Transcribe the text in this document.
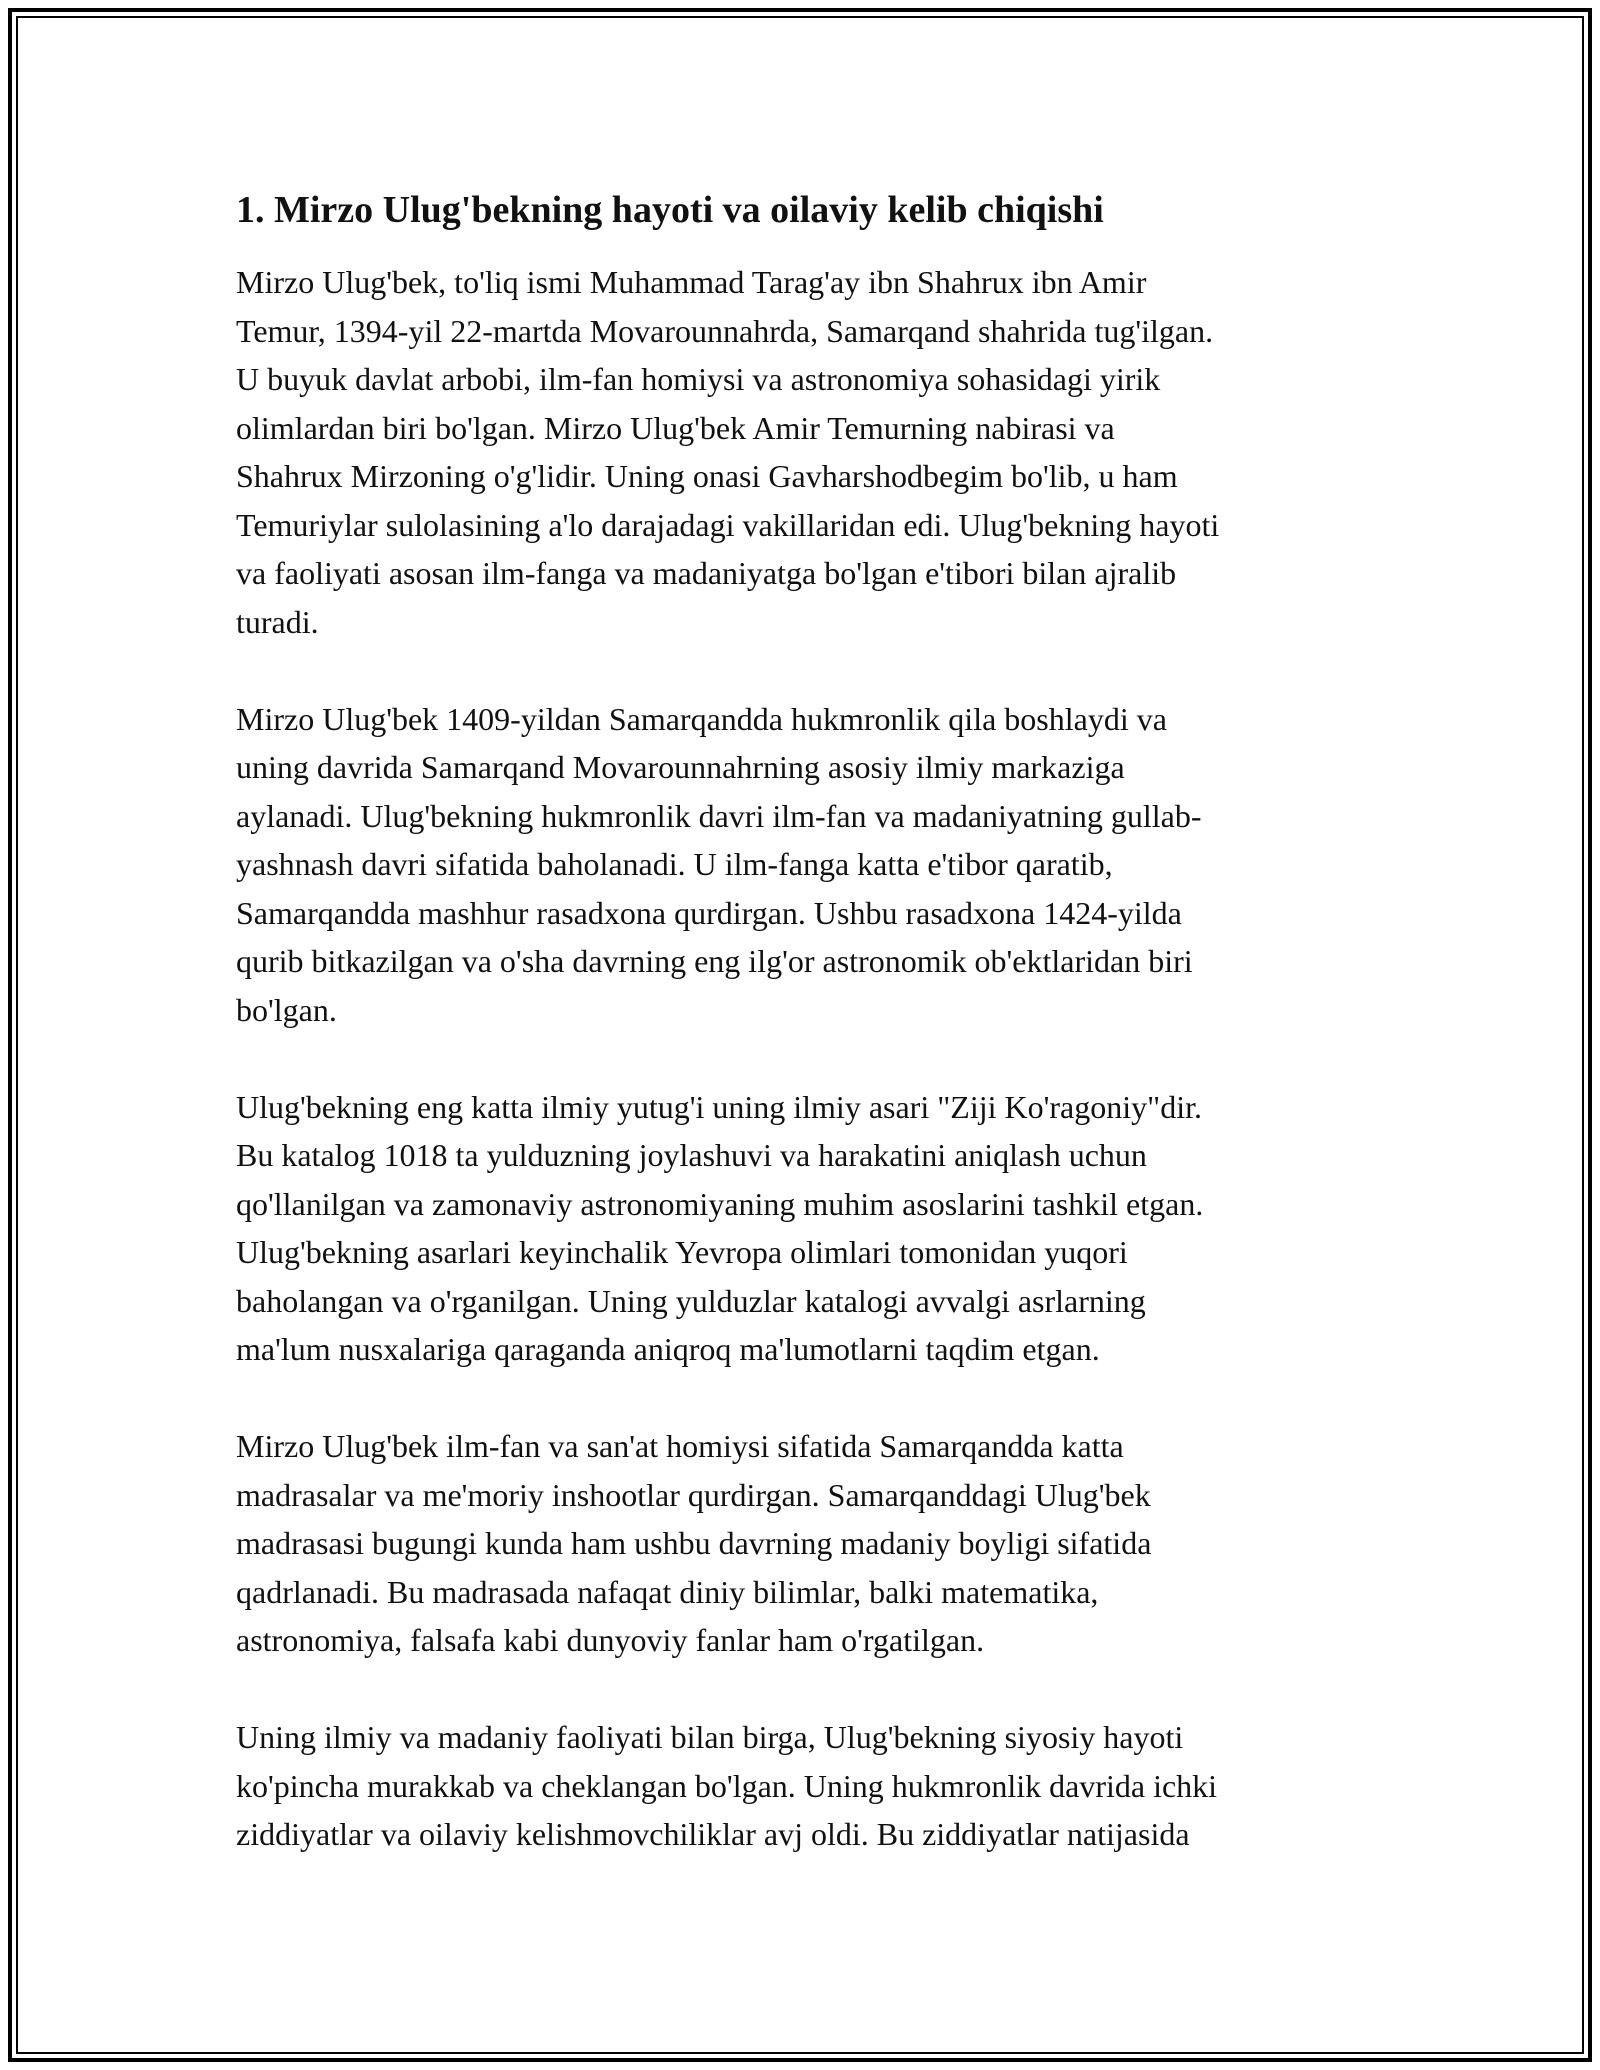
1. Mirzo Ulug'bekning hayoti va oilaviy kelib chiqishi

Mirzo Ulug'bek, to'liq ismi Muhammad Tarag'ay ibn Shahrux ibn Amir
Temur, 1394-yil 22-martda Movarounnahrda, Samarqand shahrida tug'ilgan.
U buyuk davlat arbobi, ilm-fan homiysi va astronomiya sohasidagi yirik
olimlardan biri bo'lgan. Mirzo Ulug'bek Amir Temurning nabirasi va
Shahrux Mirzoning o'g'lidir. Uning onasi Gavharshodbegim bo'lib, u ham
Temuriylar sulolasining a'lo darajadagi vakillaridan edi. Ulug'bekning hayoti
va faoliyati asosan ilm-fanga va madaniyatga bo'lgan e'tibori bilan ajralib
turadi.

Mirzo Ulug'bek 1409-yildan Samarqandda hukmronlik qila boshlaydi va
uning davrida Samarqand Movarounnahrning asosiy ilmiy markaziga
aylanadi. Ulug'bekning hukmronlik davri ilm-fan va madaniyatning gullab-
yashnash davri sifatida baholanadi. U ilm-fanga katta e'tibor qaratib,
Samarqandda mashhur rasadxona qurdirgan. Ushbu rasadxona 1424-yilda
qurib bitkazilgan va o'sha davrning eng ilg'or astronomik ob'ektlaridan biri
bo'lgan.

Ulug'bekning eng katta ilmiy yutug'i uning ilmiy asari "Ziji Ko'ragoniy"dir.
Bu katalog 1018 ta yulduzning joylashuvi va harakatini aniqlash uchun
qo'llanilgan va zamonaviy astronomiyaning muhim asoslarini tashkil etgan.
Ulug'bekning asarlari keyinchalik Yevropa olimlari tomonidan yuqori
baholangan va o'rganilgan. Uning yulduzlar katalogi avvalgi asrlarning
ma'lum nusxalariga qaraganda aniqroq ma'lumotlarni taqdim etgan.

Mirzo Ulug'bek ilm-fan va san'at homiysi sifatida Samarqandda katta
madrasalar va me'moriy inshootlar qurdirgan. Samarqanddagi Ulug'bek
madrasasi bugungi kunda ham ushbu davrning madaniy boyligi sifatida
qadrlanadi. Bu madrasada nafaqat diniy bilimlar, balki matematika,
astronomiya, falsafa kabi dunyoviy fanlar ham o'rgatilgan.

Uning ilmiy va madaniy faoliyati bilan birga, Ulug'bekning siyosiy hayoti
ko'pincha murakkab va cheklangan bo'lgan. Uning hukmronlik davrida ichki
ziddiyatlar va oilaviy kelishmovchiliklar avj oldi. Bu ziddiyatlar natijasida
